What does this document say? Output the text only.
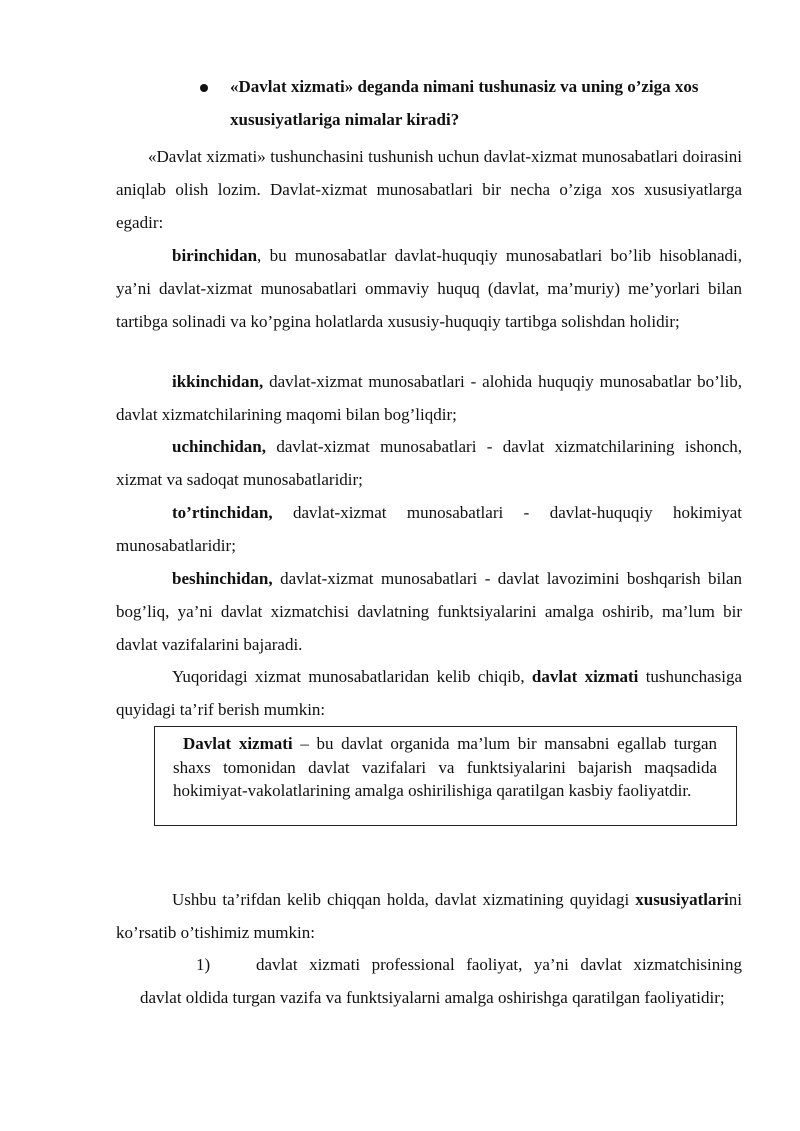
«Davlat xizmati» deganda nimani tushunasiz va uning o’ziga xos xususiyatlariga nimalar kiradi?

«Davlat xizmati» tushunchasini tushunish uchun davlat-xizmat munosabatlari doirasini aniqlab olish lozim. Davlat-xizmat munosabatlari bir necha o’ziga xos xususiyatlarga egadir:

birinchidan, bu munosabatlar davlat-huquqiy munosabatlari bo’lib hisoblanadi, ya’ni davlat-xizmat munosabatlari ommaviy huquq (davlat, ma’muriy) me’yorlari bilan tartibga solinadi va ko’pgina holatlarda xususiy-huquqiy tartibga solishdan holidir;

ikkinchidan, davlat-xizmat munosabatlari - alohida huquqiy munosabatlar bo’lib, davlat xizmatchilarining maqomi bilan bog’liqdir;

uchinchidan, davlat-xizmat munosabatlari - davlat xizmatchilarining ishonch, xizmat va sadoqat munosabatlaridir;

to’rtinchidan, davlat-xizmat munosabatlari - davlat-huquqiy hokimiyat munosabatlaridir;

beshinchidan, davlat-xizmat munosabatlari - davlat lavozimini boshqarish bilan bog’liq, ya’ni davlat xizmatchisi davlatning funktsiyalarini amalga oshirib, ma’lum bir davlat vazifalarini bajaradi.

Yuqoridagi xizmat munosabatlaridan kelib chiqib, davlat xizmati tushunchasiga quyidagi ta’rif berish mumkin:

Davlat xizmati – bu davlat organida ma’lum bir mansabni egallab turgan shaxs tomonidan davlat vazifalari va funktsiyalarini bajarish maqsadida hokimiyat-vakolatlarining amalga oshirilishiga qaratilgan kasbiy faoliyatdir.

Ushbu ta’rifdan kelib chiqqan holda, davlat xizmatining quyidagi xususiyatlarini ko’rsatib o’tishimiz mumkin:

davlat xizmati professional faoliyat, ya’ni davlat xizmatchisining davlat oldida turgan vazifa va funktsiyalarni amalga oshirishga qaratilgan faoliyatidir;

1)
